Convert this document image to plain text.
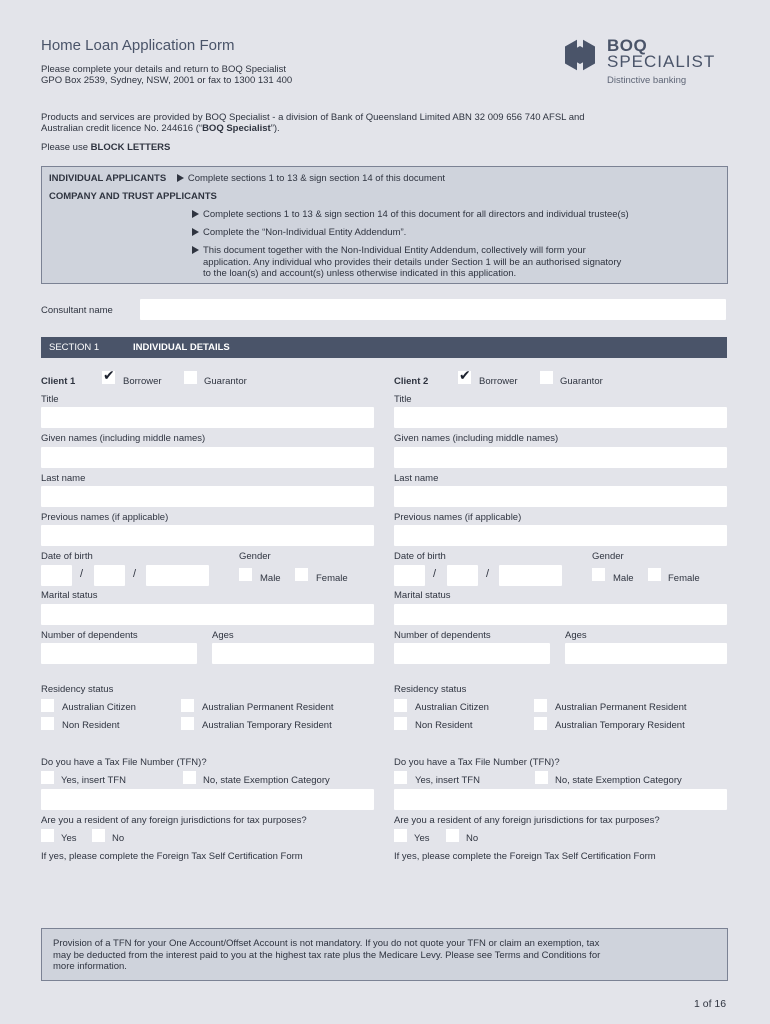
Home Loan Application Form
Please complete your details and return to BOQ Specialist
GPO Box 2539, Sydney, NSW, 2001 or fax to 1300 131 400
BOQ
SPECIALIST
Distinctive banking
Products and services are provided by BOQ Specialist - a division of Bank of Queensland Limited ABN 32 009 656 740 AFSL and
Australian credit licence No. 244616 (“BOQ Specialist”).
Please use BLOCK LETTERS
INDIVIDUAL APPLICANTS Complete sections 1 to 13 & sign section 14 of this document
COMPANY AND TRUST APPLICANTS
Complete sections 1 to 13 & sign section 14 of this document for all directors and individual trustee(s)
Complete the “Non-Individual Entity Addendum”.
This document together with the Non-Individual Entity Addendum, collectively will form your
application. Any individual who provides their details under Section 1 will be an authorised signatory
to the loan(s) and account(s) unless otherwise indicated in this application.
Consultant name
SECTION 1	INDIVIDUAL DETAILS
Client 1 ✔	Borrower	Guarantor
Title
Given names (including middle names)
Last name
Previous names (if applicable)
Date of birth	Gender
/	/	Male	Female
Marital status
Number of dependents	Ages
Residency status
Australian Citizen	Australian Permanent Resident
Non Resident	Australian Temporary Resident
Do you have a Tax File Number (TFN)?
Yes, insert TFN	No, state Exemption Category
Are you a resident of any foreign jurisdictions for tax purposes?
Yes	No
If yes, please complete the Foreign Tax Self Certification Form
Client 2 ✔	Borrower	Guarantor
Title
Given names (including middle names)
Last name
Previous names (if applicable)
Date of birth	Gender
/	/	Male	Female
Marital status
Number of dependents	Ages
Residency status
Australian Citizen	Australian Permanent Resident
Non Resident	Australian Temporary Resident
Do you have a Tax File Number (TFN)?
Yes, insert TFN	No, state Exemption Category
Are you a resident of any foreign jurisdictions for tax purposes?
Yes	No
If yes, please complete the Foreign Tax Self Certification Form
Provision of a TFN for your One Account/Offset Account is not mandatory. If you do not quote your TFN or claim an exemption, tax
may be deducted from the interest paid to you at the highest tax rate plus the Medicare Levy. Please see Terms and Conditions for
more information.
1 of 16
